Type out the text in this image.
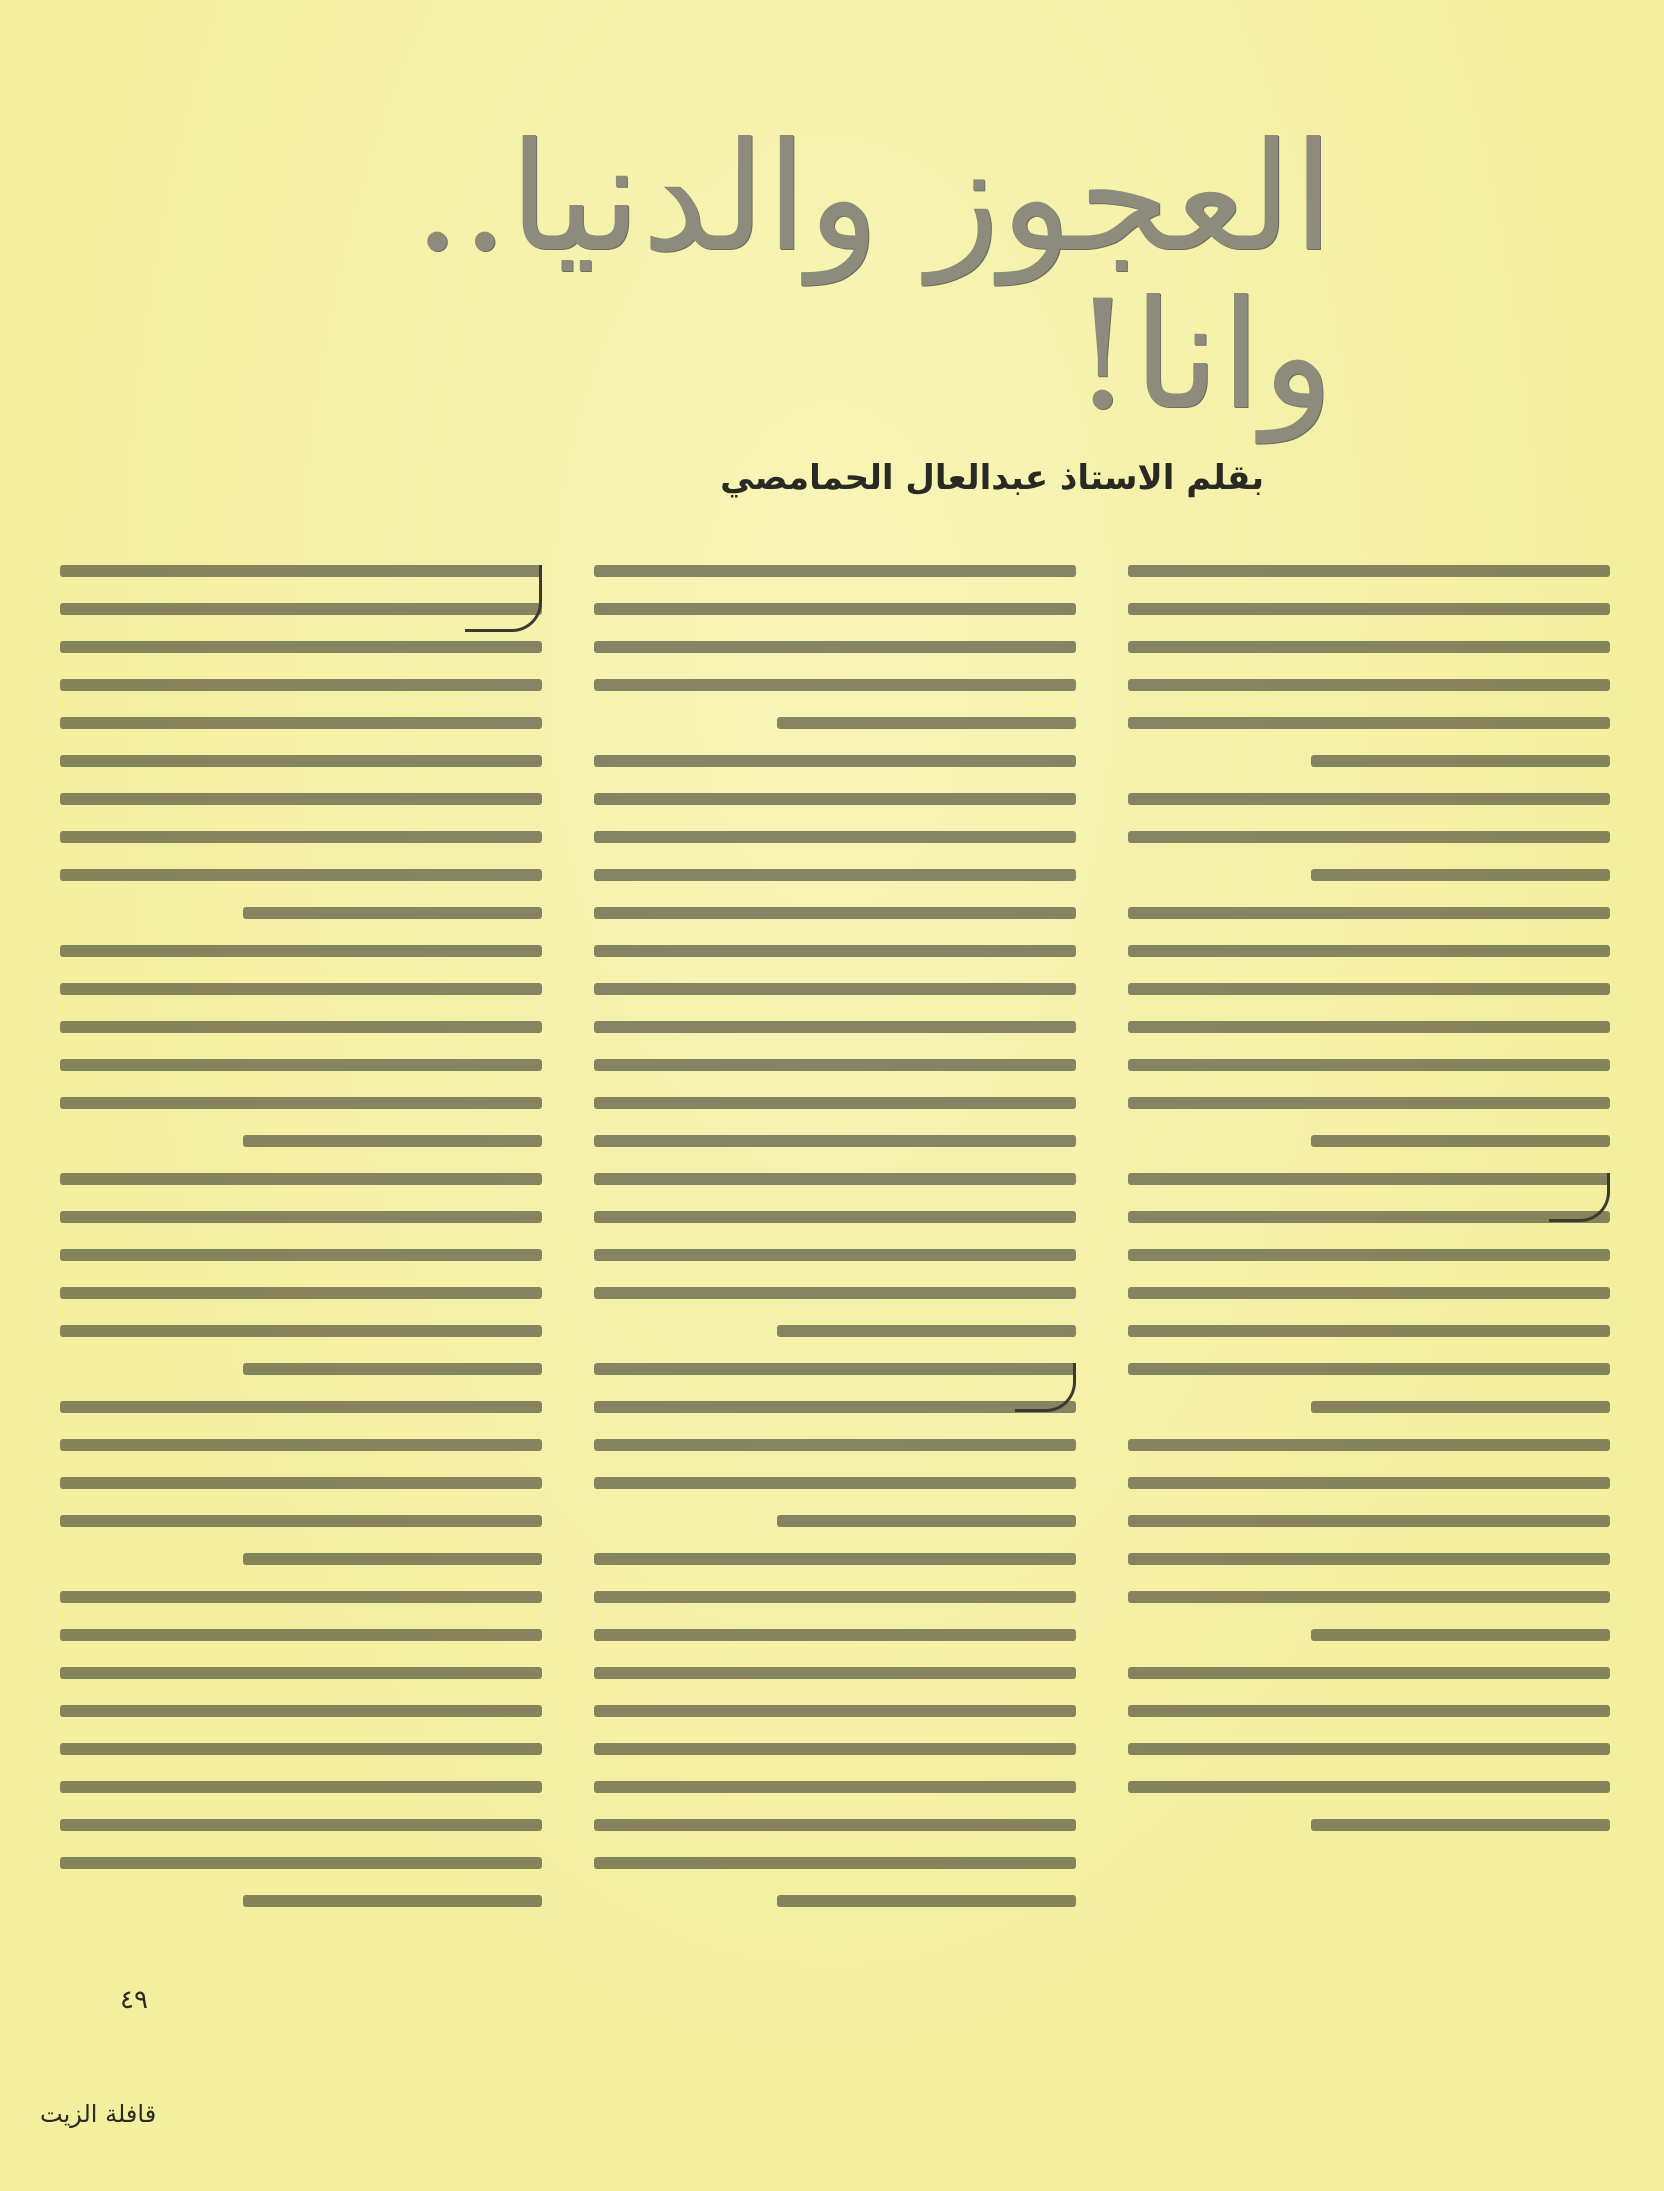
العجوز والدنيا.. وانا!
بقلم الاستاذ عبدالعال الحمامصي
٤٩
قافلة الزيت
